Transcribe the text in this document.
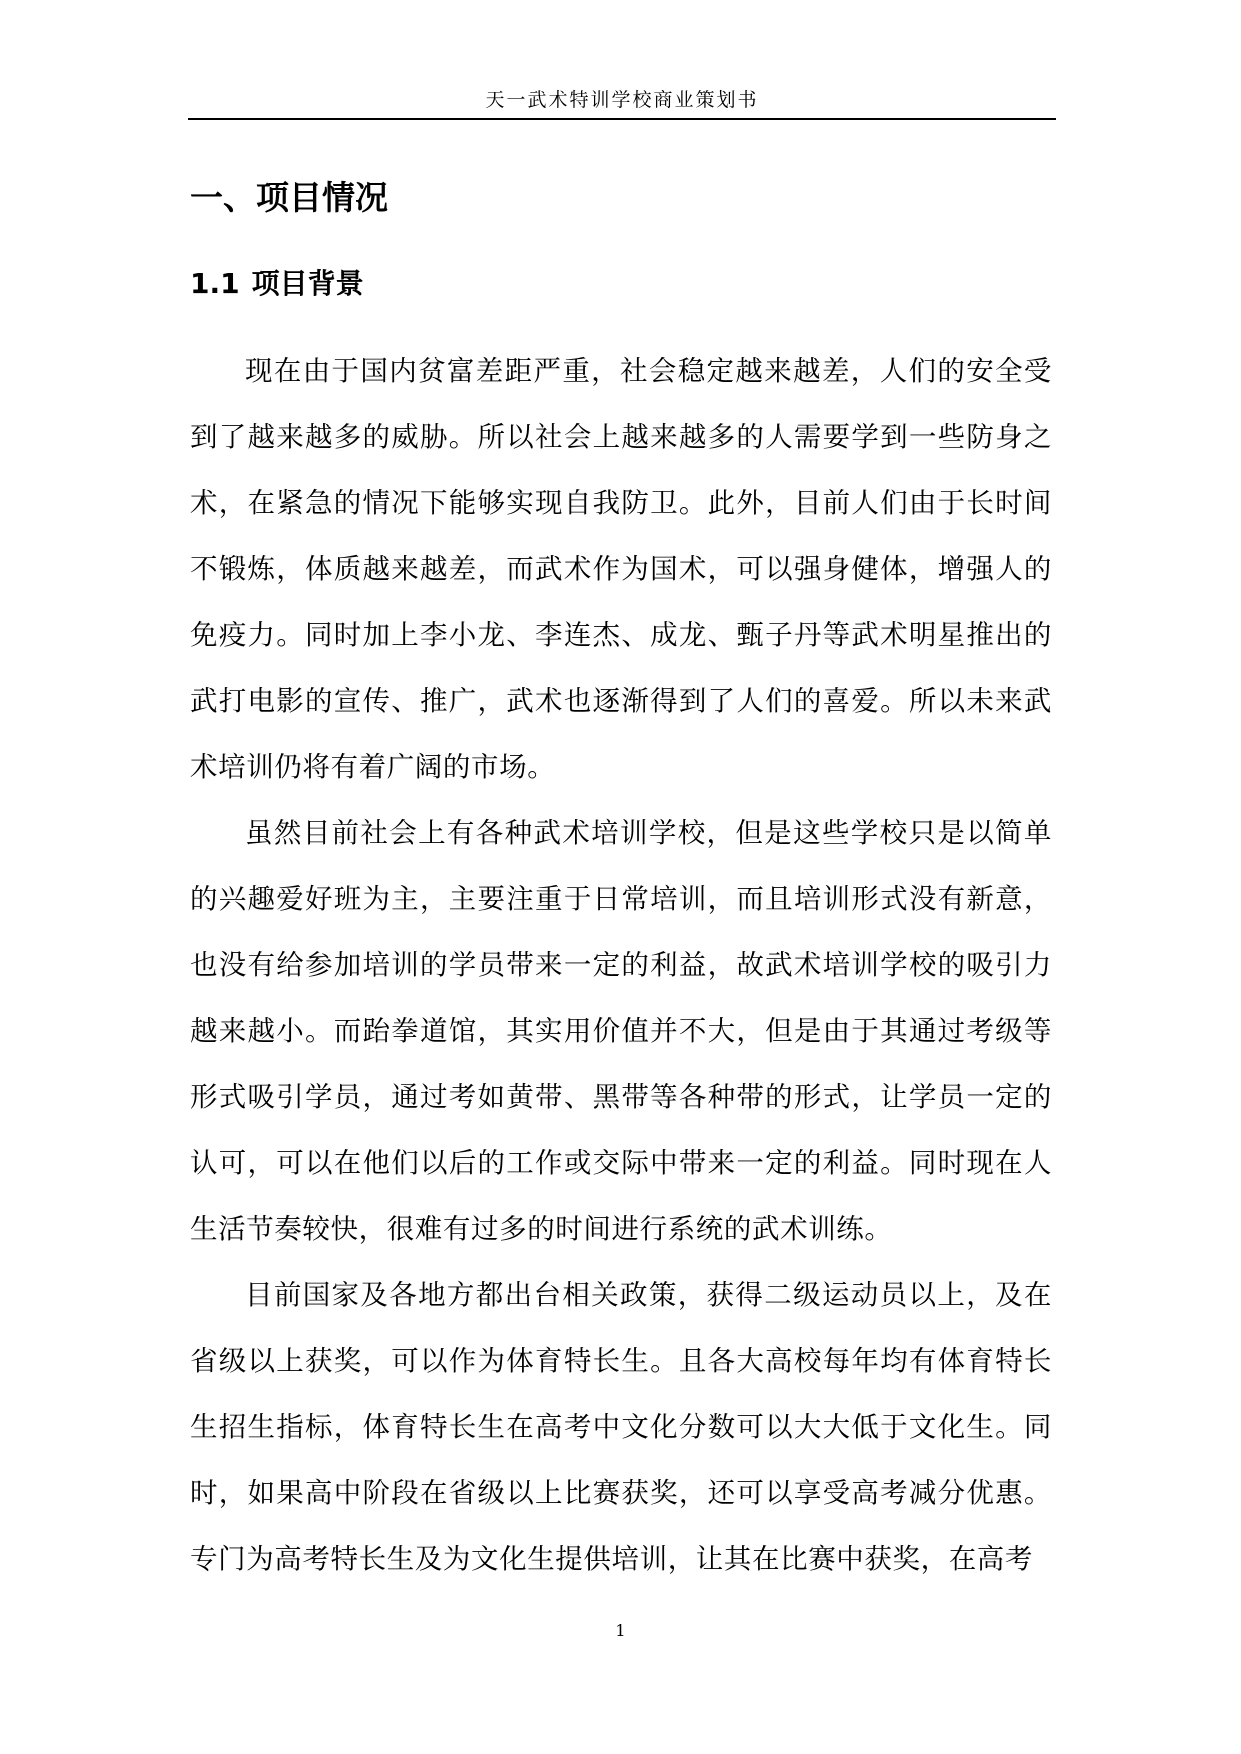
天一武术特训学校商业策划书
一、项目情况
1.1 项目背景

现在由于国内贫富差距严重，社会稳定越来越差，人们的安全受到了越来越多的威胁。所以社会上越来越多的人需要学到一些防身之术，在紧急的情况下能够实现自我防卫。此外，目前人们由于长时间不锻炼，体质越来越差，而武术作为国术，可以强身健体，增强人的免疫力。同时加上李小龙、李连杰、成龙、甄子丹等武术明星推出的武打电影的宣传、推广，武术也逐渐得到了人们的喜爱。所以未来武术培训仍将有着广阔的市场。

虽然目前社会上有各种武术培训学校，但是这些学校只是以简单的兴趣爱好班为主，主要注重于日常培训，而且培训形式没有新意，也没有给参加培训的学员带来一定的利益，故武术培训学校的吸引力越来越小。而跆拳道馆，其实用价值并不大，但是由于其通过考级等形式吸引学员，通过考如黄带、黑带等各种带的形式，让学员一定的认可，可以在他们以后的工作或交际中带来一定的利益。同时现在人生活节奏较快，很难有过多的时间进行系统的武术训练。

目前国家及各地方都出台相关政策，获得二级运动员以上，及在省级以上获奖，可以作为体育特长生。且各大高校每年均有体育特长生招生指标，体育特长生在高考中文化分数可以大大低于文化生。同时，如果高中阶段在省级以上比赛获奖，还可以享受高考减分优惠。专门为高考特长生及为文化生提供培训，让其在比赛中获奖，在高考

1
